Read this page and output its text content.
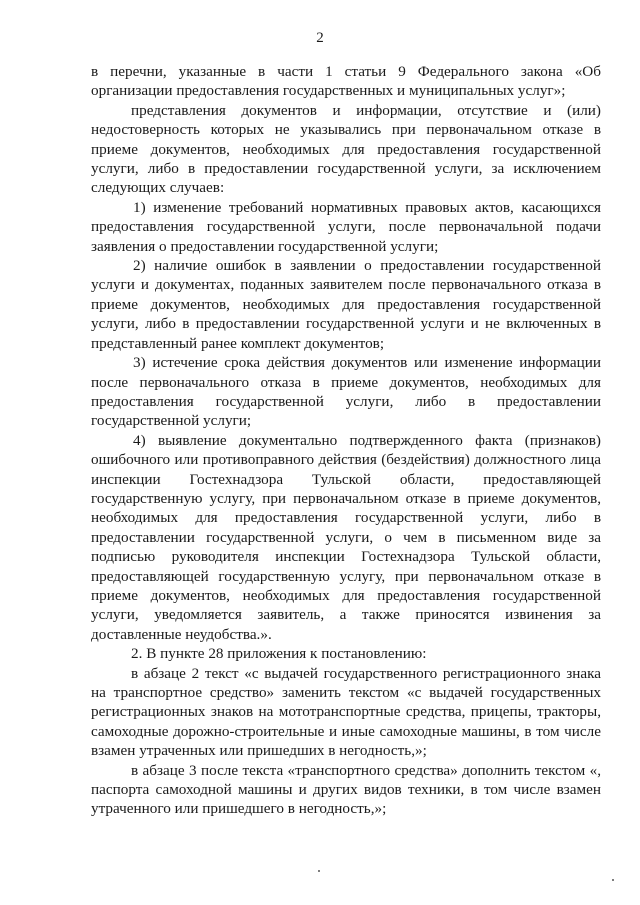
2

в перечни, указанные в части 1 статьи 9 Федерального закона «Об организации предоставления государственных и муниципальных услуг»;

представления документов и информации, отсутствие и (или) недостоверность которых не указывались при первоначальном отказе в приеме документов, необходимых для предоставления государственной услуги, либо в предоставлении государственной услуги, за исключением следующих случаев:

1) изменение требований нормативных правовых актов, касающихся предоставления государственной услуги, после первоначальной подачи заявления о предоставлении государственной услуги;

2) наличие ошибок в заявлении о предоставлении государственной услуги и документах, поданных заявителем после первоначального отказа в приеме документов, необходимых для предоставления государственной услуги, либо в предоставлении государственной услуги и не включенных в представленный ранее комплект документов;

3) истечение срока действия документов или изменение информации после первоначального отказа в приеме документов, необходимых для предоставления государственной услуги, либо в предоставлении государственной услуги;

4) выявление документально подтвержденного факта (признаков) ошибочного или противоправного действия (бездействия) должностного лица инспекции Гостехнадзора Тульской области, предоставляющей государственную услугу, при первоначальном отказе в приеме документов, необходимых для предоставления государственной услуги, либо в предоставлении государственной услуги, о чем в письменном виде за подписью руководителя инспекции Гостехнадзора Тульской области, предоставляющей государственную услугу, при первоначальном отказе в приеме документов, необходимых для предоставления государственной услуги, уведомляется заявитель, а также приносятся извинения за доставленные неудобства.».

2. В пункте 28 приложения к постановлению:

в абзаце 2 текст «с выдачей государственного регистрационного знака на транспортное средство» заменить текстом «с выдачей государственных регистрационных знаков на мототранспортные средства, прицепы, тракторы, самоходные дорожно-строительные и иные самоходные машины, в том числе взамен утраченных или пришедших в негодность,»;

в абзаце 3 после текста «транспортного средства» дополнить текстом «, паспорта самоходной машины и других видов техники, в том числе взамен утраченного или пришедшего в негодность,»;
